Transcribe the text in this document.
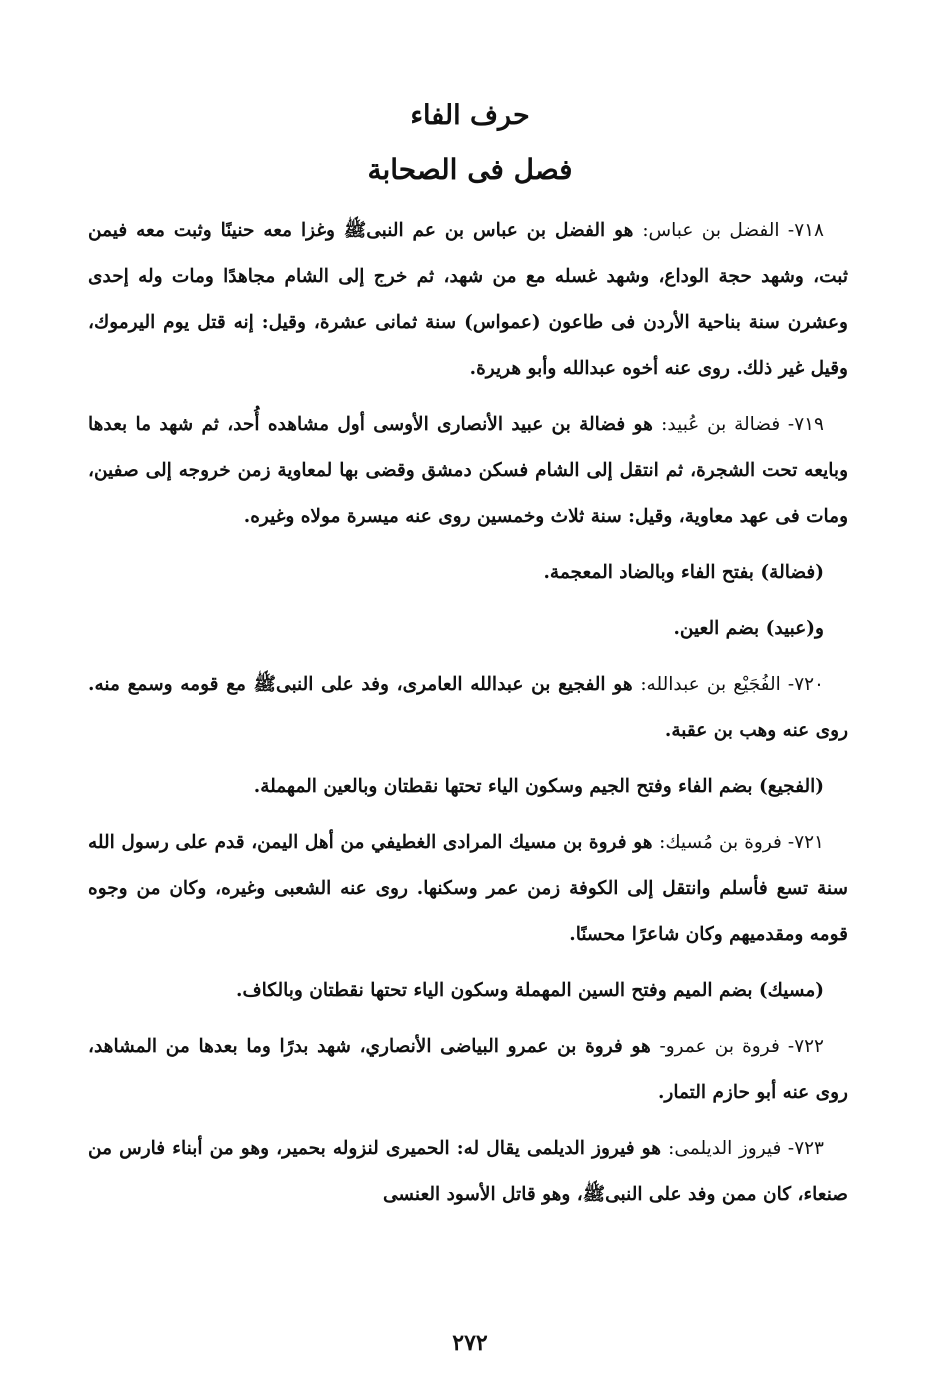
حرف الفاء
فصل فى الصحابة

٧١٨- الفضل بن عباس: هو الفضل بن عباس بن عم النبىﷺ وغزا معه حنينًا وثبت معه فيمن ثبت، وشهد حجة الوداع، وشهد غسله مع من شهد، ثم خرج إلى الشام مجاهدًا ومات وله إحدى وعشرن سنة بناحية الأردن فى طاعون (عمواس) سنة ثمانى عشرة، وقيل: إنه قتل يوم اليرموك، وقيل غير ذلك. روى عنه أخوه عبدالله وأبو هريرة.

٧١٩- فضالة بن عُبيد: هو فضالة بن عبيد الأنصارى الأوسى أول مشاهده أُحد، ثم شهد ما بعدها وبايعه تحت الشجرة، ثم انتقل إلى الشام فسكن دمشق وقضى بها لمعاوية زمن خروجه إلى صفين، ومات فى عهد معاوية، وقيل: سنة ثلاث وخمسين روى عنه ميسرة مولاه وغيره.

(فضالة) بفتح الفاء وبالضاد المعجمة.

و(عبيد) بضم العين.

٧٢٠- الفُجَيْع بن عبدالله: هو الفجيع بن عبدالله العامرى، وفد على النبىﷺ مع قومه وسمع منه. روى عنه وهب بن عقبة.

(الفجيع) بضم الفاء وفتح الجيم وسكون الياء تحتها نقطتان وبالعين المهملة.

٧٢١- فروة بن مُسيك: هو فروة بن مسيك المرادى الغطيفي من أهل اليمن، قدم على رسول الله سنة تسع فأسلم وانتقل إلى الكوفة زمن عمر وسكنها. روى عنه الشعبى وغيره، وكان من وجوه قومه ومقدميهم وكان شاعرًا محسنًا.

(مسيك) بضم الميم وفتح السين المهملة وسكون الياء تحتها نقطتان وبالكاف.

٧٢٢- فروة بن عمرو- هو فروة بن عمرو البياضى الأنصاري، شهد بدرًا وما بعدها من المشاهد، روى عنه أبو حازم التمار.

٧٢٣- فيروز الديلمى: هو فيروز الديلمى يقال له: الحميرى لنزوله بحمير، وهو من أبناء فارس من صنعاء، كان ممن وفد على النبىﷺ، وهو قاتل الأسود العنسى

٢٧٢
